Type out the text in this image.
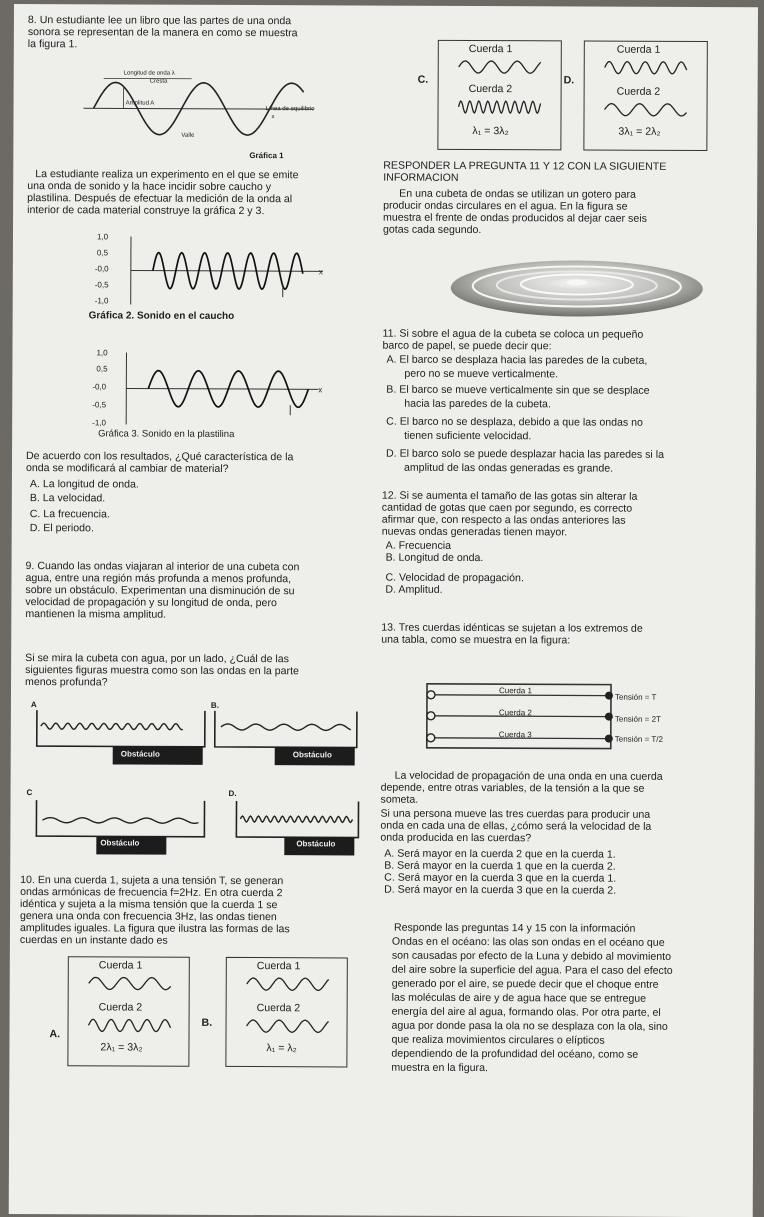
8. Un estudiante lee un libro que las partes de una onda
sonora se representan de la manera en como se muestra
la figura 1.
Longitud de onda λ
Cresta
Amplitud A
Línea de equilibrio
x
Valle
Gráfica 1
La estudiante realiza un experimento en el que se emite
una onda de sonido y la hace incidir sobre caucho y
plastilina. Después de efectuar la medición de la onda al
interior de cada material construye la gráfica 2 y 3.
1,0
0,5
-0,0
-0,5
-1,0
x
Gráfica 2. Sonido en el caucho
1,0
0,5
-0,0
-0,5
-1,0
x
Gráfica 3. Sonido en la plastilina
De acuerdo con los resultados, ¿Qué característica de la
onda se modificará al cambiar de material?
A. La longitud de onda.
B. La velocidad.
C. La frecuencia.
D. El periodo.
9. Cuando las ondas viajaran al interior de una cubeta con
agua, entre una región más profunda a menos profunda,
sobre un obstáculo. Experimentan una disminución de su
velocidad de propagación y su longitud de onda, pero
mantienen la misma amplitud.
Si se mira la cubeta con agua, por un lado, ¿Cuál de las
siguientes figuras muestra como son las ondas en la parte
menos profunda?
A
Obstáculo
B.
Obstáculo
C
Obstáculo
D.
Obstáculo
10. En una cuerda 1, sujeta a una tensión T, se generan
ondas armónicas de frecuencia f=2Hz. En otra cuerda 2
idéntica y sujeta a la misma tensión que la cuerda 1 se
genera una onda con frecuencia 3Hz, las ondas tienen
amplitudes iguales. La figura que ilustra las formas de las
cuerdas en un instante dado es
A.
Cuerda 1
Cuerda 2
2λ₁ = 3λ₂
B.
Cuerda 1
Cuerda 2
λ₁ = λ₂
C.
Cuerda 1
Cuerda 2
λ₁ = 3λ₂
D.
Cuerda 1
Cuerda 2
3λ₁ = 2λ₂
RESPONDER LA PREGUNTA 11 Y 12 CON LA SIGUIENTE
INFORMACION
En una cubeta de ondas se utilizan un gotero para
producir ondas circulares en el agua. En la figura se
muestra el frente de ondas producidos al dejar caer seis
gotas cada segundo.
11. Si sobre el agua de la cubeta se coloca un pequeño
barco de papel, se puede decir que:
A. El barco se desplaza hacia las paredes de la cubeta,
pero no se mueve verticalmente.
B. El barco se mueve verticalmente sin que se desplace
hacia las paredes de la cubeta.
C. El barco no se desplaza, debido a que las ondas no
tienen suficiente velocidad.
D. El barco solo se puede desplazar hacia las paredes si la
amplitud de las ondas generadas es grande.
12. Si se aumenta el tamaño de las gotas sin alterar la
cantidad de gotas que caen por segundo, es correcto
afirmar que, con respecto a las ondas anteriores las
nuevas ondas generadas tienen mayor.
A. Frecuencia
B. Longitud de onda.
C. Velocidad de propagación.
D. Amplitud.
13. Tres cuerdas idénticas se sujetan a los extremos de
una tabla, como se muestra en la figura:
Cuerda 1
Cuerda 2
Cuerda 3
Tensión = T
Tensión = 2T
Tensión = T/2
La velocidad de propagación de una onda en una cuerda
depende, entre otras variables, de la tensión a la que se
someta.
Si una persona mueve las tres cuerdas para producir una
onda en cada una de ellas, ¿cómo será la velocidad de la
onda producida en las cuerdas?
A. Será mayor en la cuerda 2 que en la cuerda 1.
B. Será mayor en la cuerda 1 que en la cuerda 2.
C. Será mayor en la cuerda 3 que en la cuerda 1.
D. Será mayor en la cuerda 3 que en la cuerda 2.
Responde las preguntas 14 y 15 con la información
Ondas en el océano: las olas son ondas en el océano que
son causadas por efecto de la Luna y debido al movimiento
del aire sobre la superficie del agua. Para el caso del efecto
generado por el aire, se puede decir que el choque entre
las moléculas de aire y de agua hace que se entregue
energía del aire al agua, formando olas. Por otra parte, el
agua por donde pasa la ola no se desplaza con la ola, sino
que realiza movimientos circulares o elípticos
dependiendo de la profundidad del océano, como se
muestra en la figura.
